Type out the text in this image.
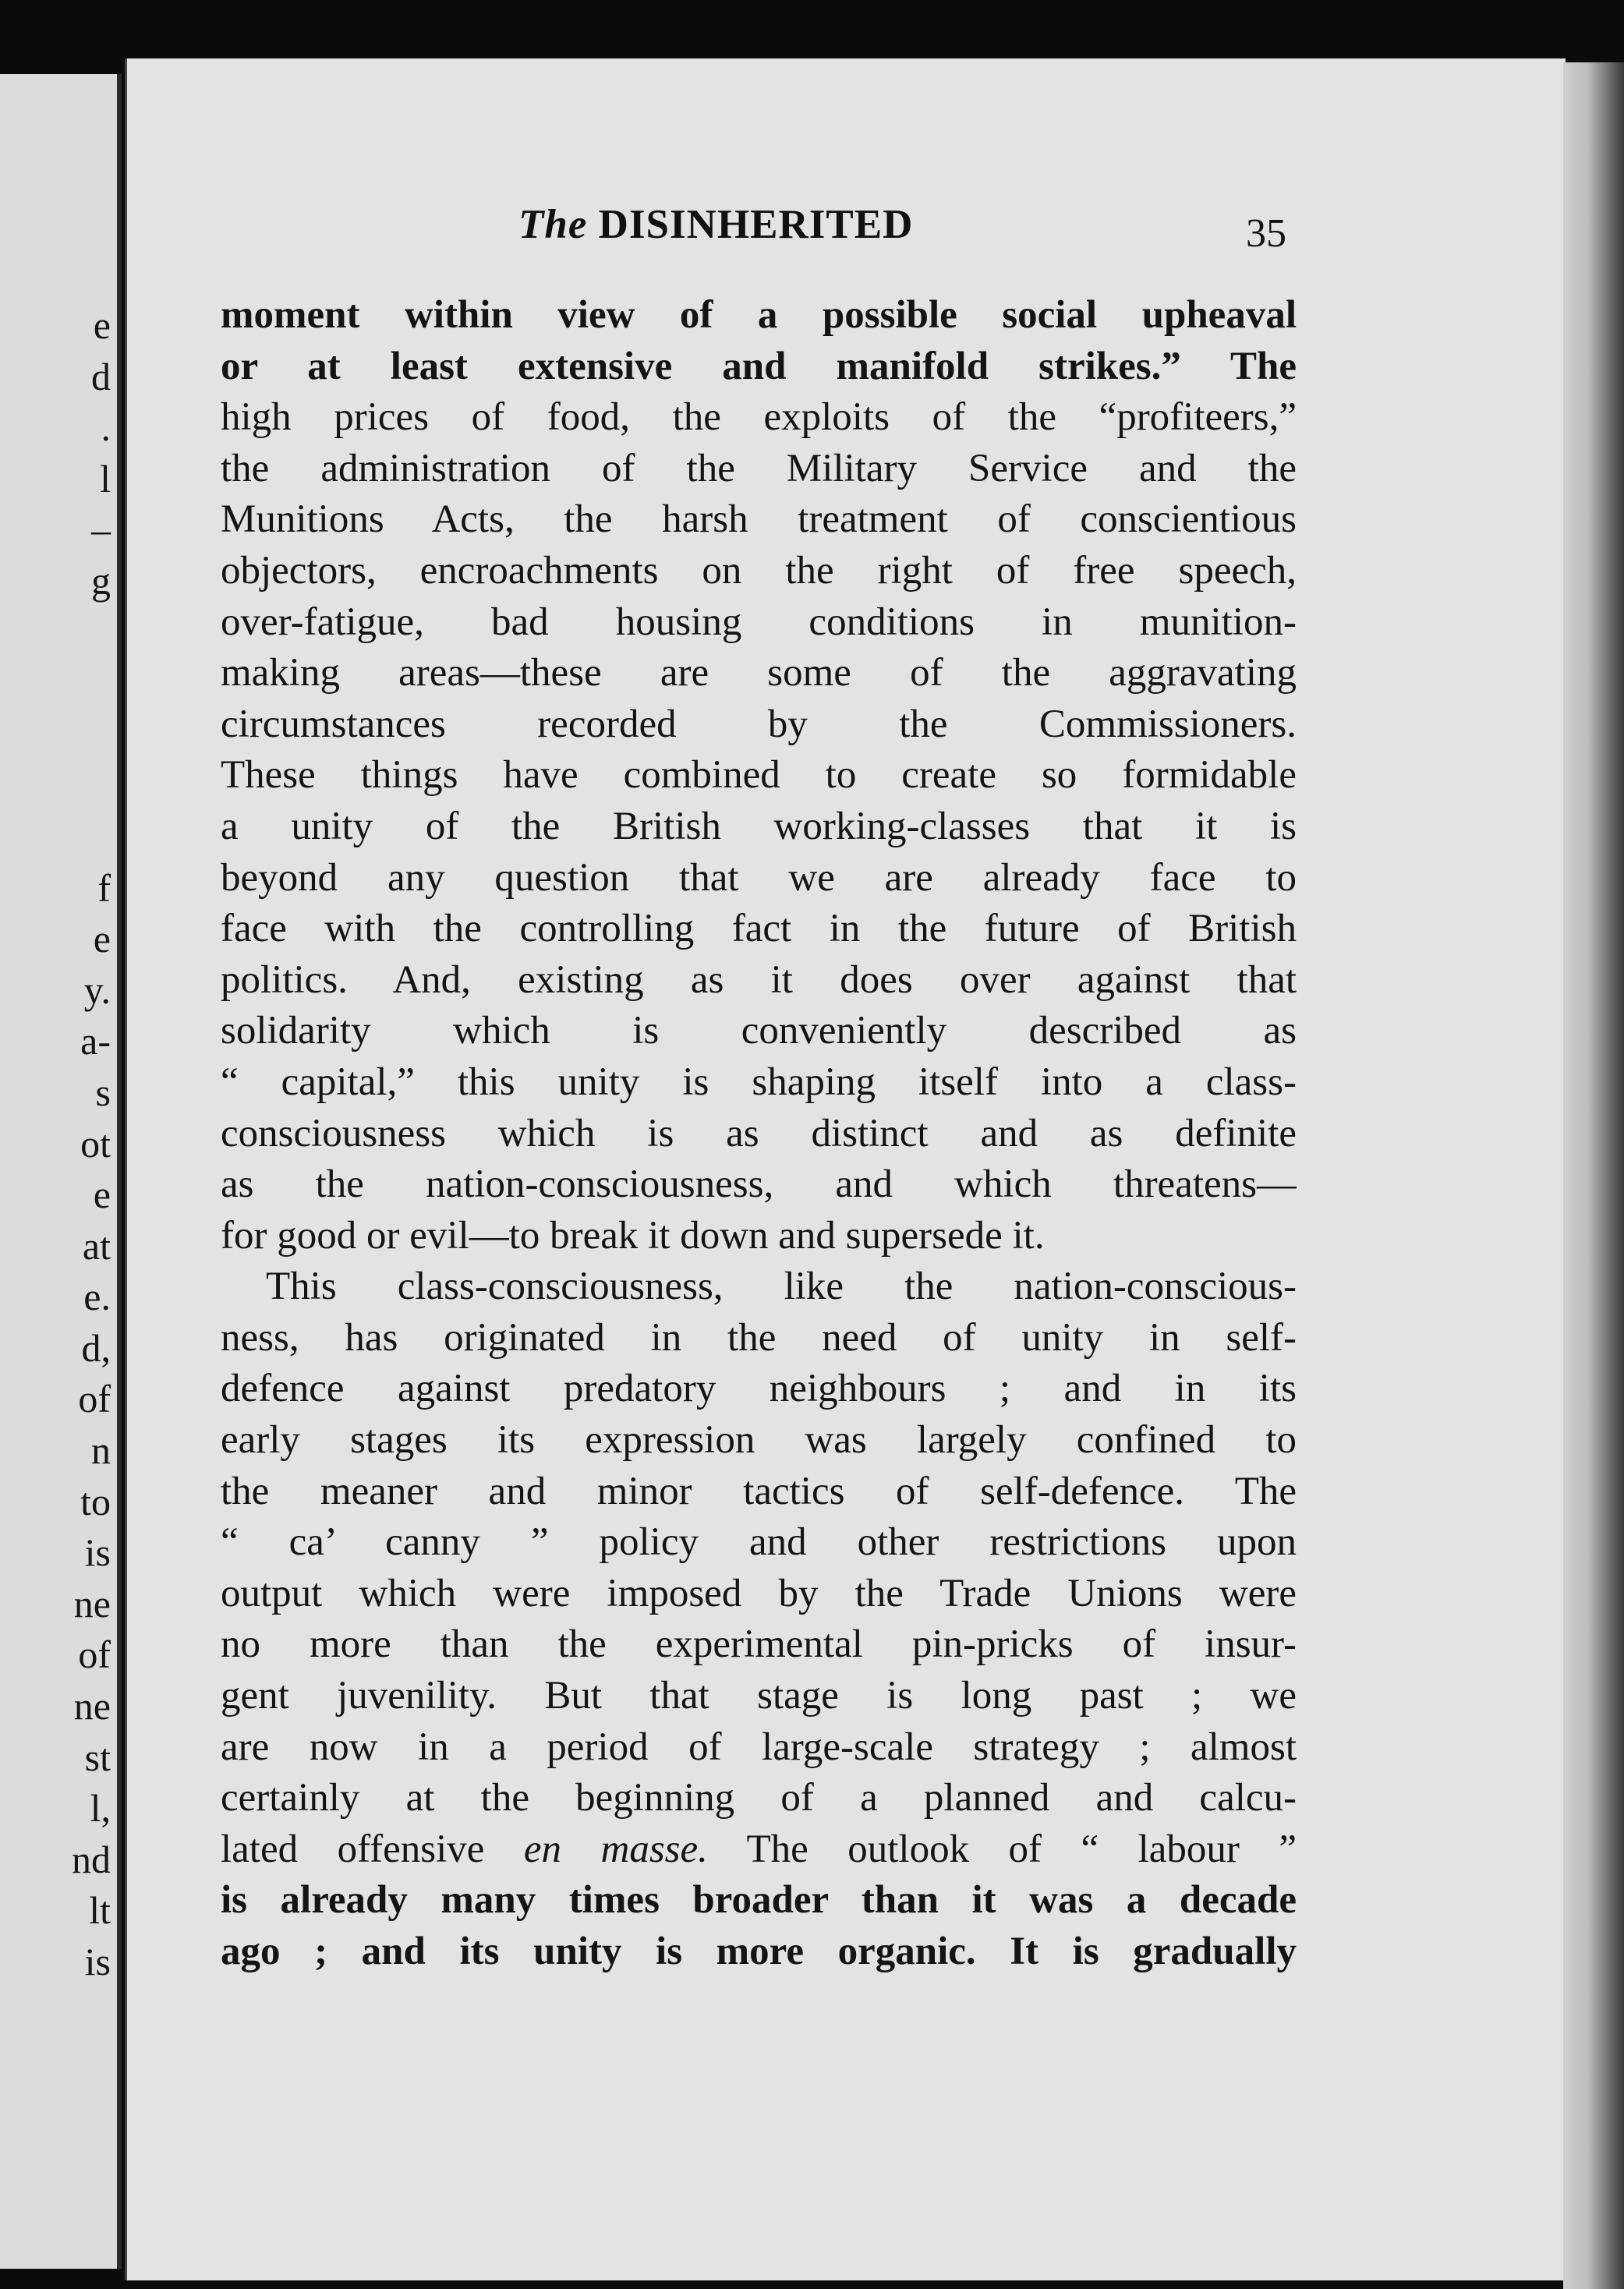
e
d
.
l
–
g
f
e
y.
a-
s
ot
e
at
e.
d,
of
n
to
is
ne
of
ne
st
l,
nd
lt
is
The DISINHERITED	35
moment within view of a possible social upheaval
or at least extensive and manifold strikes.” The
high prices of food, the exploits of the “profiteers,”
the administration of the Military Service and the
Munitions Acts, the harsh treatment of conscientious
objectors, encroachments on the right of free speech,
over-fatigue, bad housing conditions in munition-
making areas—these are some of the aggravating
circumstances recorded by the Commissioners.
These things have combined to create so formidable
a unity of the British working-classes that it is
beyond any question that we are already face to
face with the controlling fact in the future of British
politics. And, existing as it does over against that
solidarity which is conveniently described as
“ capital,” this unity is shaping itself into a class-
consciousness which is as distinct and as definite
as the nation-consciousness, and which threatens—
for good or evil—to break it down and supersede it.
This class-consciousness, like the nation-conscious-
ness, has originated in the need of unity in self-
defence against predatory neighbours ; and in its
early stages its expression was largely confined to
the meaner and minor tactics of self-defence. The
“ ca’ canny ” policy and other restrictions upon
output which were imposed by the Trade Unions were
no more than the experimental pin-pricks of insur-
gent juvenility. But that stage is long past ; we
are now in a period of large-scale strategy ; almost
certainly at the beginning of a planned and calcu-
lated offensive en masse. The outlook of “ labour ”
is already many times broader than it was a decade
ago ; and its unity is more organic. It is gradually
